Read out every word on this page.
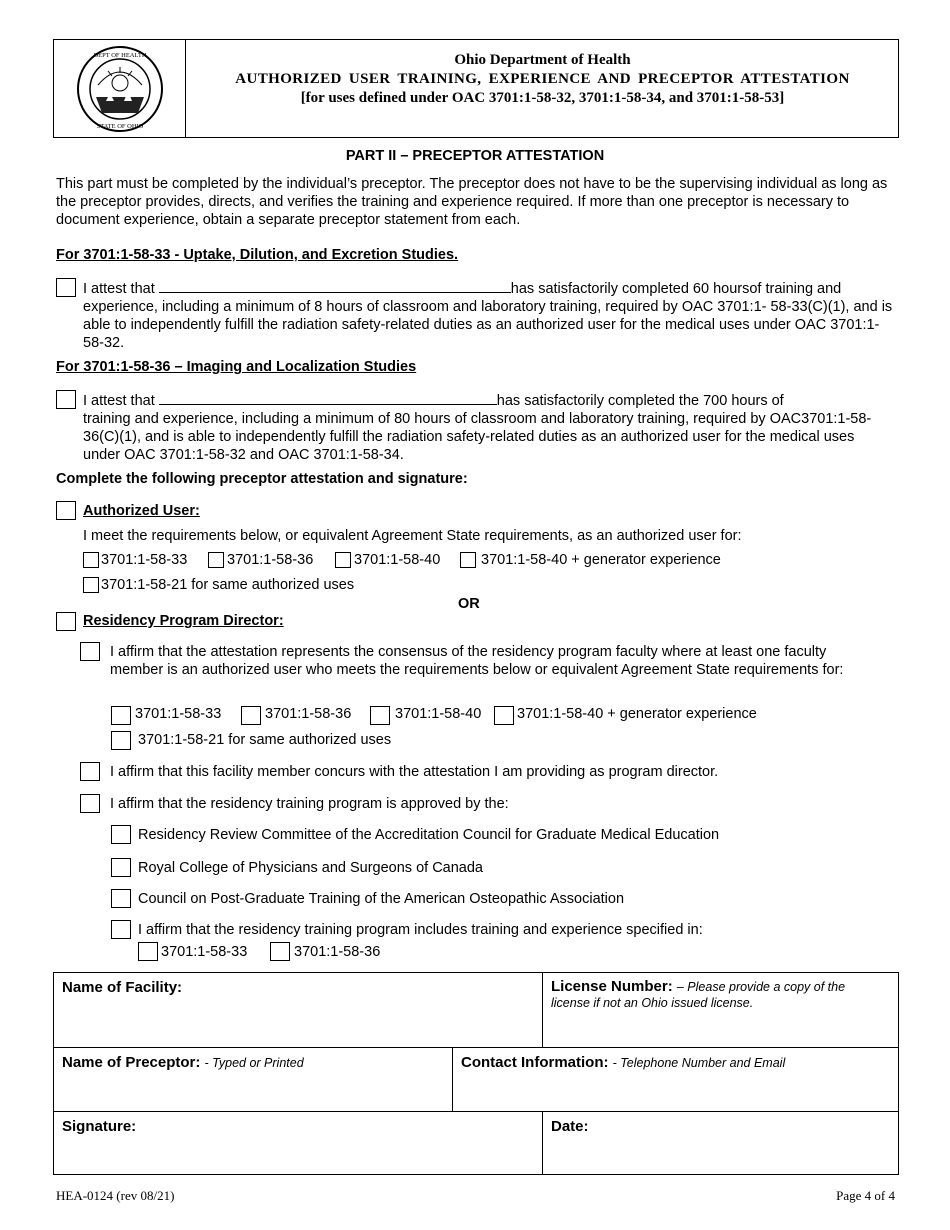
DEPT OF HEALTH
STATE OF OHIO
Ohio Department of Health
AUTHORIZED USER TRAINING, EXPERIENCE AND PRECEPTOR ATTESTATION
[for uses defined under OAC 3701:1-58-32, 3701:1-58-34, and 3701:1-58-53]
PART II – PRECEPTOR ATTESTATION
This part must be completed by the individual’s preceptor. The preceptor does not have to be the supervising individual as long as the preceptor provides, directs, and verifies the training and experience required. If more than one preceptor is necessary to document experience, obtain a separate preceptor statement from each.
For 3701:1-58-33 - Uptake, Dilution, and Excretion Studies.
I attest that	has satisfactorily completed 60 hoursof training and
experience, including a minimum of 8 hours of classroom and laboratory training, required by OAC 3701:1- 58-33(C)(1), and is able to independently fulfill the radiation safety-related duties as an authorized user for the medical uses under OAC 3701:1-58-32.
For 3701:1-58-36 – Imaging and Localization Studies
I attest that	has satisfactorily completed the 700 hours of
training and experience, including a minimum of 80 hours of classroom and laboratory training, required by OAC3701:1-58-36(C)(1), and is able to independently fulfill the radiation safety-related duties as an authorized user for the medical uses under OAC 3701:1-58-32 and OAC 3701:1-58-34.
Complete the following preceptor attestation and signature:
Authorized User:
I meet the requirements below, or equivalent Agreement State requirements, as an authorized user for:
3701:1-58-33	3701:1-58-36	3701:1-58-40	3701:1-58-40 + generator experience
3701:1-58-21 for same authorized uses
OR
Residency Program Director:
I affirm that the attestation represents the consensus of the residency program faculty where at least one faculty member is an authorized user who meets the requirements below or equivalent Agreement State requirements for:
3701:1-58-33	3701:1-58-36	3701:1-58-40 3701:1-58-40 + generator experience
3701:1-58-21 for same authorized uses
I affirm that this facility member concurs with the attestation I am providing as program director.
I affirm that the residency training program is approved by the:
Residency Review Committee of the Accreditation Council for Graduate Medical Education
Royal College of Physicians and Surgeons of Canada
Council on Post-Graduate Training of the American Osteopathic Association
I affirm that the residency training program includes training and experience specified in:
3701:1-58-33	3701:1-58-36
Name of Facility:	License Number: – Please provide a copy of the license if not an Ohio issued license.
Name of Preceptor: - Typed or Printed	Contact Information: - Telephone Number and Email
Signature:	Date:
HEA-0124 (rev 08/21)	Page 4 of 4
